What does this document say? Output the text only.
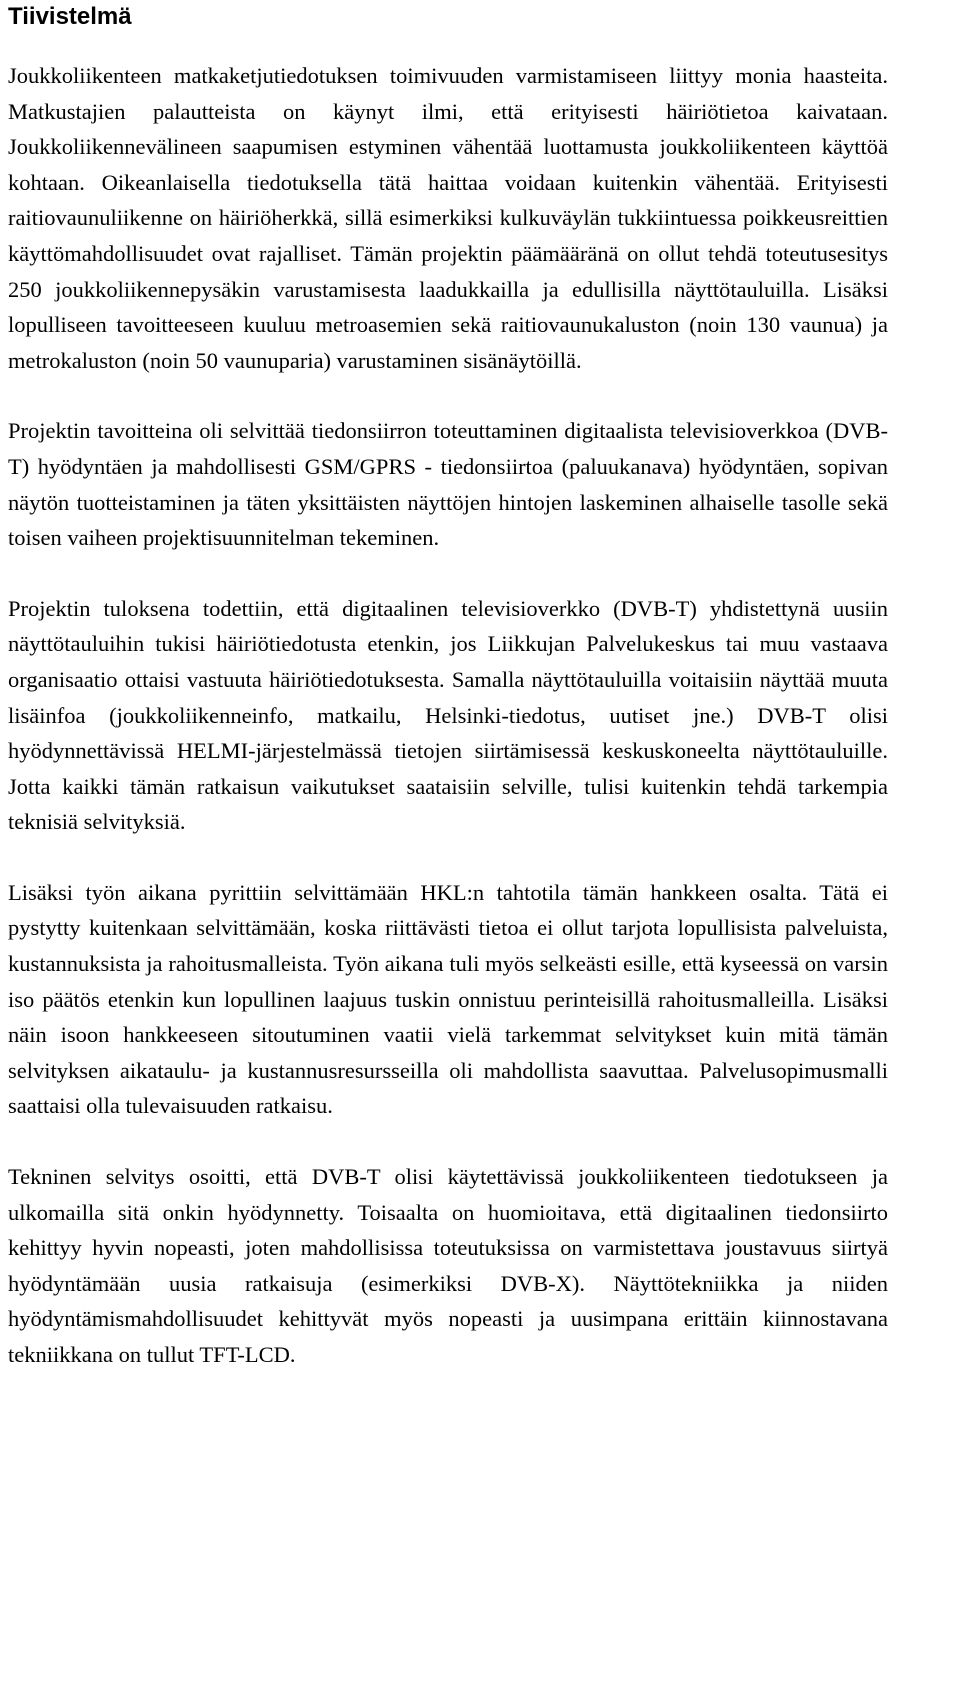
Tiivistelmä

Joukkoliikenteen matkaketjutiedotuksen toimivuuden varmistamiseen liittyy monia haasteita. Matkustajien palautteista on käynyt ilmi, että erityisesti häiriötietoa kaivataan. Joukkoliikennevälineen saapumisen estyminen vähentää luottamusta joukkoliikenteen käyttöä kohtaan. Oikeanlaisella tiedotuksella tätä haittaa voidaan kuitenkin vähentää. Erityisesti raitiovaunuliikenne on häiriöherkkä, sillä esimerkiksi kulkuväylän tukkiintuessa poikkeusreittien käyttömahdollisuudet ovat rajalliset. Tämän projektin päämääränä on ollut tehdä toteutusesitys 250 joukkoliikennepysäkin varustamisesta laadukkailla ja edullisilla näyttötauluilla. Lisäksi lopulliseen tavoitteeseen kuuluu metroasemien sekä raitiovaunukaluston (noin 130 vaunua) ja metrokaluston (noin 50 vaunuparia) varustaminen sisänäytöillä.

Projektin tavoitteina oli selvittää tiedonsiirron toteuttaminen digitaalista televisioverkkoa (DVB-T) hyödyntäen ja mahdollisesti GSM/GPRS - tiedonsiirtoa (paluukanava) hyödyntäen, sopivan näytön tuotteistaminen ja täten yksittäisten näyttöjen hintojen laskeminen alhaiselle tasolle sekä toisen vaiheen projektisuunnitelman tekeminen.

Projektin tuloksena todettiin, että digitaalinen televisioverkko (DVB-T) yhdistettynä uusiin näyttötauluihin tukisi häiriötiedotusta etenkin, jos Liikkujan Palvelukeskus tai muu vastaava organisaatio ottaisi vastuuta häiriötiedotuksesta. Samalla näyttötauluilla voitaisiin näyttää muuta lisäinfoa (joukkoliikenneinfo, matkailu, Helsinki-tiedotus, uutiset jne.) DVB-T olisi hyödynnettävissä HELMI-järjestelmässä tietojen siirtämisessä keskuskoneelta näyttötauluille. Jotta kaikki tämän ratkaisun vaikutukset saataisiin selville, tulisi kuitenkin tehdä tarkempia teknisiä selvityksiä.

Lisäksi työn aikana pyrittiin selvittämään HKL:n tahtotila tämän hankkeen osalta. Tätä ei pystytty kuitenkaan selvittämään, koska riittävästi tietoa ei ollut tarjota lopullisista palveluista, kustannuksista ja rahoitusmalleista. Työn aikana tuli myös selkeästi esille, että kyseessä on varsin iso päätös etenkin kun lopullinen laajuus tuskin onnistuu perinteisillä rahoitusmalleilla. Lisäksi näin isoon hankkeeseen sitoutuminen vaatii vielä tarkemmat selvitykset kuin mitä tämän selvityksen aikataulu- ja kustannusresursseilla oli mahdollista saavuttaa. Palvelusopimusmalli saattaisi olla tulevaisuuden ratkaisu.

Tekninen selvitys osoitti, että DVB-T olisi käytettävissä joukkoliikenteen tiedotukseen ja ulkomailla sitä onkin hyödynnetty. Toisaalta on huomioitava, että digitaalinen tiedonsiirto kehittyy hyvin nopeasti, joten mahdollisissa toteutuksissa on varmistettava joustavuus siirtyä hyödyntämään uusia ratkaisuja (esimerkiksi DVB-X). Näyttötekniikka ja niiden hyödyntämismahdollisuudet kehittyvät myös nopeasti ja uusimpana erittäin kiinnostavana tekniikkana on tullut TFT-LCD.
